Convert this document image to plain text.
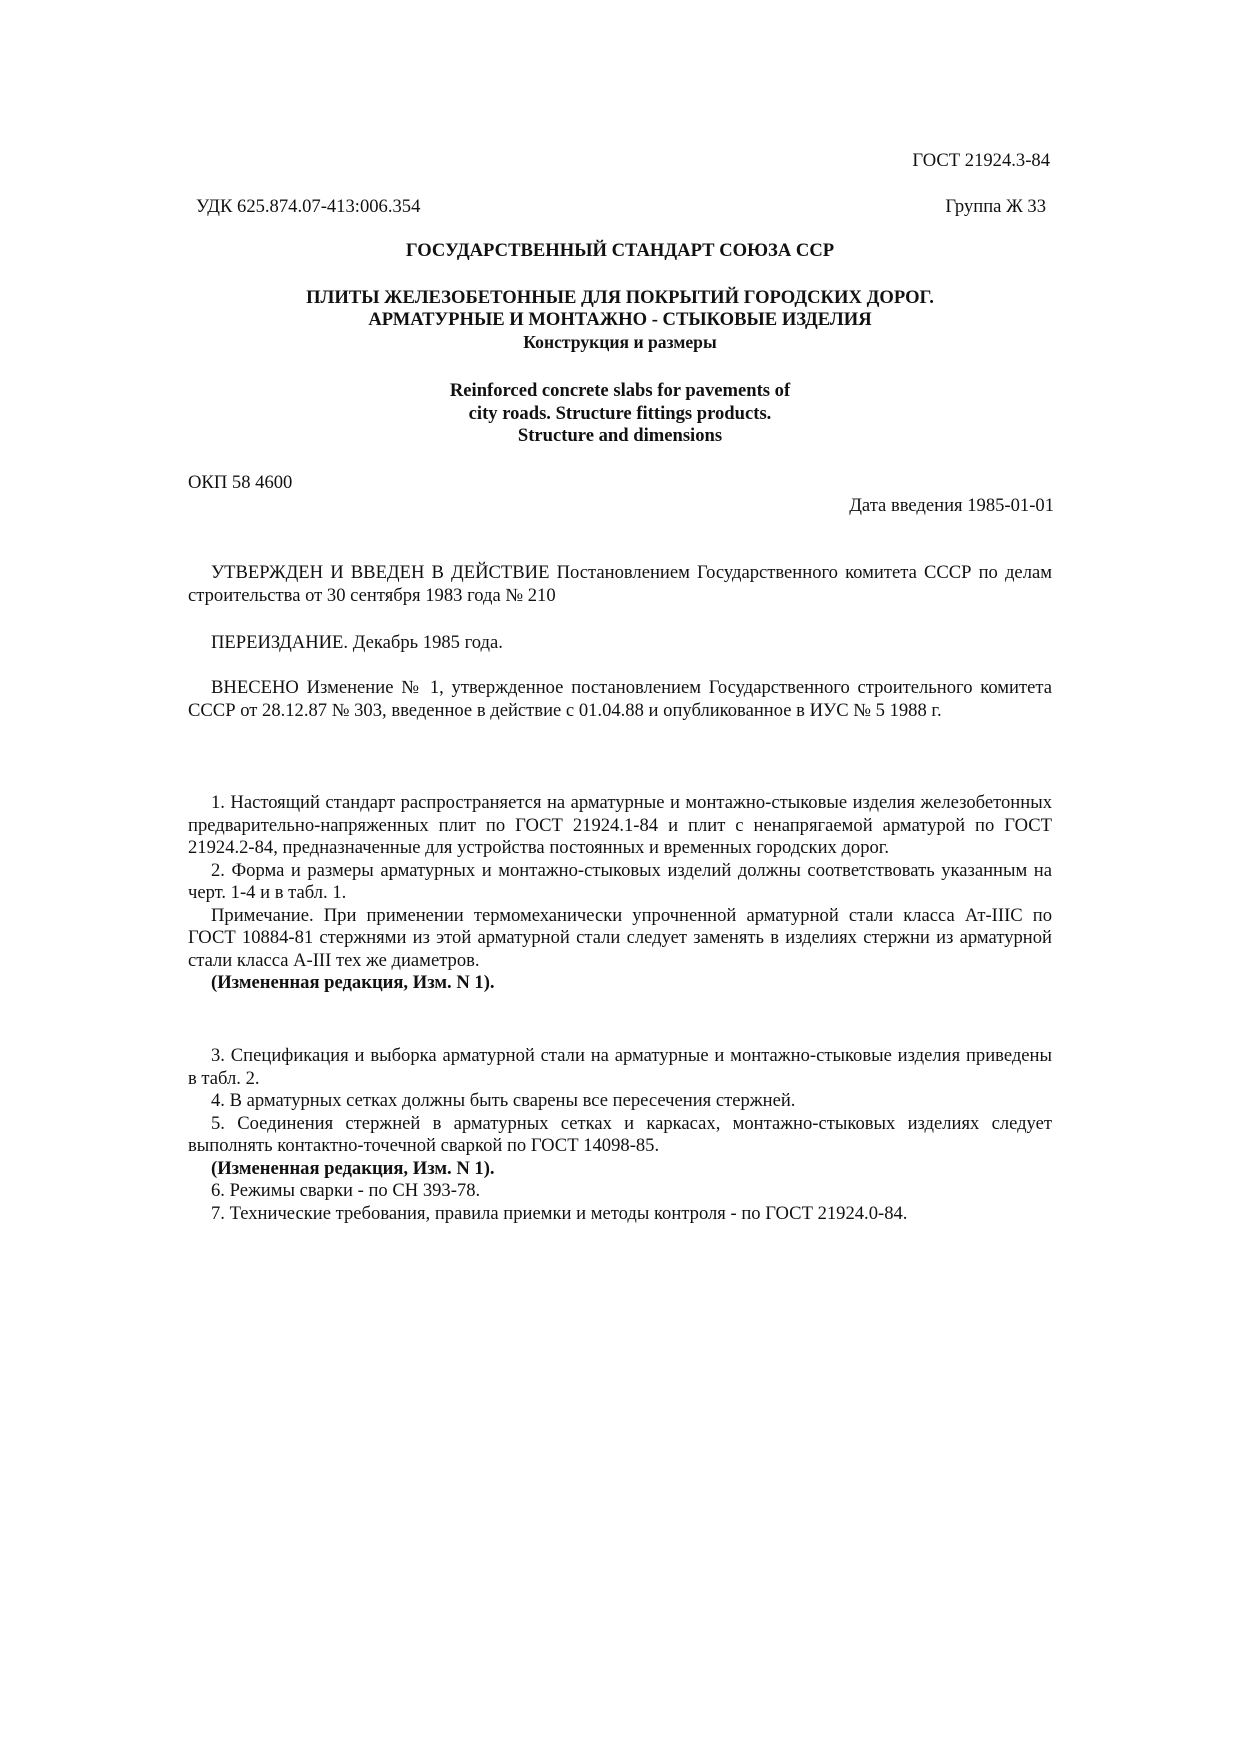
ГОСТ 21924.3-84
УДК 625.874.07-413:006.354	Группа Ж 33
ГОСУДАРСТВЕННЫЙ СТАНДАРТ СОЮЗА ССР
ПЛИТЫ ЖЕЛЕЗОБЕТОННЫЕ ДЛЯ ПОКРЫТИЙ ГОРОДСКИХ ДОРОГ.
АРМАТУРНЫЕ И МОНТАЖНО - СТЫКОВЫЕ ИЗДЕЛИЯ
Конструкция и размеры
Reinforced concrete slabs for pavements of
city roads. Structure fittings products.
Structure and dimensions
ОКП 58 4600
Дата введения 1985-01-01

УТВЕРЖДЕН И ВВЕДЕН В ДЕЙСТВИЕ Постановлением Государственного комитета СССР по делам строительства от 30 сентября 1983 года № 210

ПЕРЕИЗДАНИЕ. Декабрь 1985 года.

ВНЕСЕНО Изменение № 1, утвержденное постановлением Государственного строительного комитета СССР от 28.12.87 № 303, введенное в действие с 01.04.88 и опубликованное в ИУС № 5 1988 г.

1. Настоящий стандарт распространяется на арматурные и монтажно-стыковые изделия железобетонных предварительно-напряженных плит по ГОСТ 21924.1-84 и плит с ненапрягаемой арматурой по ГОСТ 21924.2-84, предназначенные для устройства постоянных и временных городских дорог.

2. Форма и размеры арматурных и монтажно-стыковых изделий должны соответствовать указанным на черт. 1-4 и в табл. 1.

Примечание. При применении термомеханически упрочненной арматурной стали класса Ат-IIIС по ГОСТ 10884-81 стержнями из этой арматурной стали следует заменять в изделиях стержни из арматурной стали класса А-III тех же диаметров.

(Измененная редакция, Изм. N 1).

3. Спецификация и выборка арматурной стали на арматурные и монтажно-стыковые изделия приведены в табл. 2.

4. В арматурных сетках должны быть сварены все пересечения стержней.

5. Соединения стержней в арматурных сетках и каркасах, монтажно-стыковых изделиях следует выполнять контактно-точечной сваркой по ГОСТ 14098-85.

(Измененная редакция, Изм. N 1).

6. Режимы сварки - по СН 393-78.

7. Технические требования, правила приемки и методы контроля - по ГОСТ 21924.0-84.
